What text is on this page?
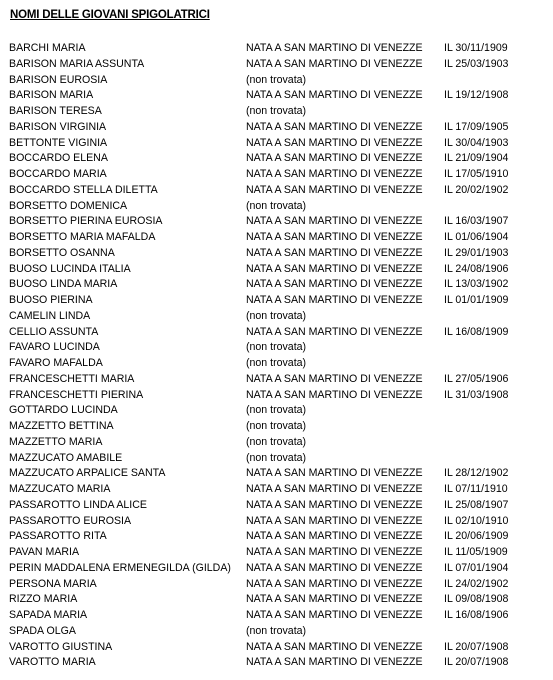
NOMI DELLE GIOVANI SPIGOLATRICI
BARCHI MARIA	NATA A SAN MARTINO DI VENEZZE IL 30/11/1909
BARISON MARIA ASSUNTA	NATA A SAN MARTINO DI VENEZZE IL 25/03/1903
BARISON EUROSIA	(non trovata)
BARISON MARIA	NATA A SAN MARTINO DI VENEZZE IL 19/12/1908
BARISON TERESA	(non trovata)
BARISON VIRGINIA	NATA A SAN MARTINO DI VENEZZE IL 17/09/1905
BETTONTE VIGINIA	NATA A SAN MARTINO DI VENEZZE IL 30/04/1903
BOCCARDO ELENA	NATA A SAN MARTINO DI VENEZZE IL 21/09/1904
BOCCARDO MARIA	NATA A SAN MARTINO DI VENEZZE IL 17/05/1910
BOCCARDO STELLA DILETTA	NATA A SAN MARTINO DI VENEZZE IL 20/02/1902
BORSETTO DOMENICA	(non trovata)
BORSETTO PIERINA EUROSIA	NATA A SAN MARTINO DI VENEZZE IL 16/03/1907
BORSETTO MARIA MAFALDA	NATA A SAN MARTINO DI VENEZZE IL 01/06/1904
BORSETTO OSANNA	NATA A SAN MARTINO DI VENEZZE IL 29/01/1903
BUOSO LUCINDA ITALIA	NATA A SAN MARTINO DI VENEZZE IL 24/08/1906
BUOSO LINDA MARIA	NATA A SAN MARTINO DI VENEZZE IL 13/03/1902
BUOSO PIERINA	NATA A SAN MARTINO DI VENEZZE IL 01/01/1909
CAMELIN LINDA	(non trovata)
CELLIO ASSUNTA	NATA A SAN MARTINO DI VENEZZE IL 16/08/1909
FAVARO LUCINDA	(non trovata)
FAVARO MAFALDA	(non trovata)
FRANCESCHETTI MARIA	NATA A SAN MARTINO DI VENEZZE IL 27/05/1906
FRANCESCHETTI PIERINA	NATA A SAN MARTINO DI VENEZZE IL 31/03/1908
GOTTARDO LUCINDA	(non trovata)
MAZZETTO BETTINA	(non trovata)
MAZZETTO MARIA	(non trovata)
MAZZUCATO AMABILE	(non trovata)
MAZZUCATO ARPALICE SANTA	NATA A SAN MARTINO DI VENEZZE IL 28/12/1902
MAZZUCATO MARIA	NATA A SAN MARTINO DI VENEZZE IL 07/11/1910
PASSAROTTO LINDA ALICE	NATA A SAN MARTINO DI VENEZZE IL 25/08/1907
PASSAROTTO EUROSIA	NATA A SAN MARTINO DI VENEZZE IL 02/10/1910
PASSAROTTO RITA	NATA A SAN MARTINO DI VENEZZE IL 20/06/1909
PAVAN MARIA	NATA A SAN MARTINO DI VENEZZE IL 11/05/1909
PERIN MADDALENA ERMENEGILDA (GILDA) NATA A SAN MARTINO DI VENEZZE IL 07/01/1904
PERSONA MARIA	NATA A SAN MARTINO DI VENEZZE IL 24/02/1902
RIZZO MARIA	NATA A SAN MARTINO DI VENEZZE IL 09/08/1908
SAPADA MARIA	NATA A SAN MARTINO DI VENEZZE IL 16/08/1906
SPADA OLGA	(non trovata)
VAROTTO GIUSTINA	NATA A SAN MARTINO DI VENEZZE IL 20/07/1908
VAROTTO MARIA	NATA A SAN MARTINO DI VENEZZE IL 20/07/1908
